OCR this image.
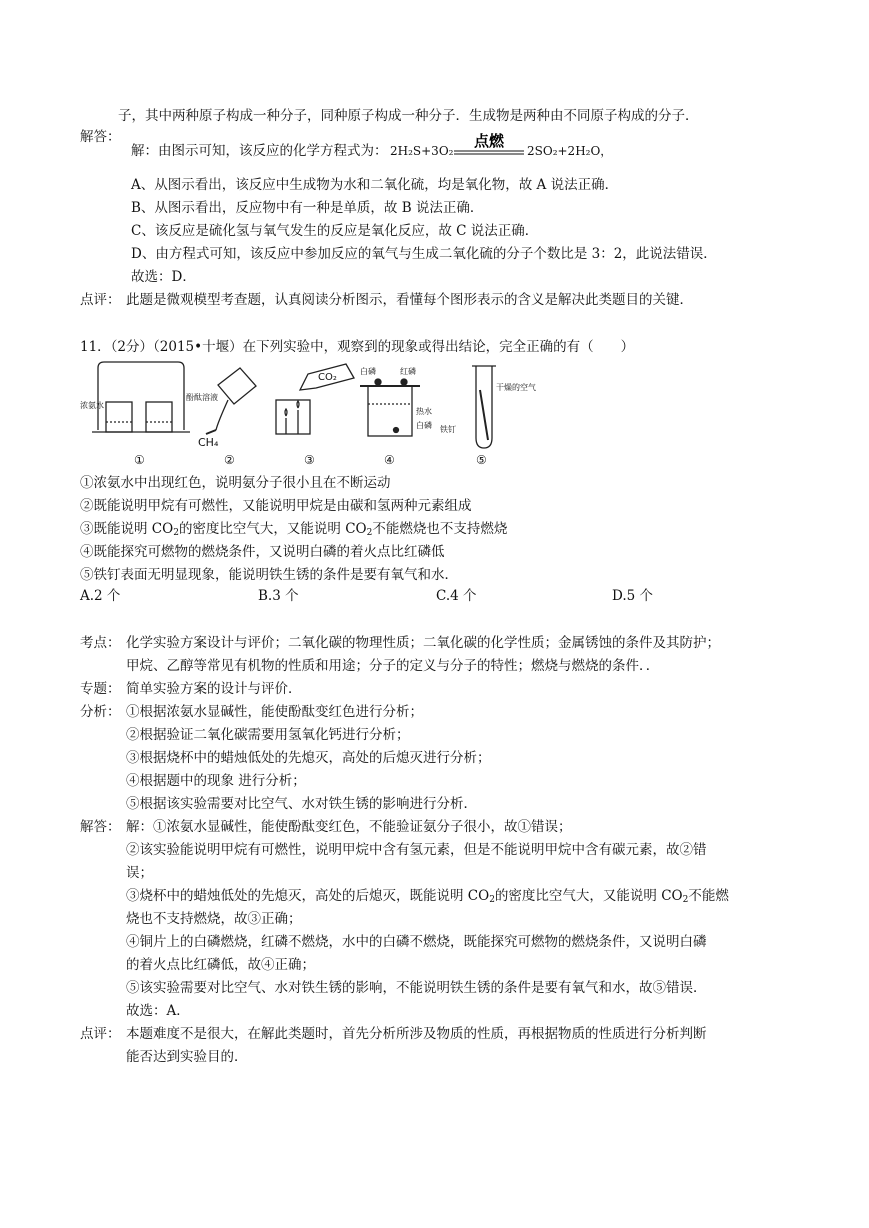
子，其中两种原子构成一种分子，同种原子构成一种分子．生成物是两种由不同原子构成的分子．
解答：
解：由图示可知，该反应的化学方程式为： 2H₂S+3O₂
点燃
2SO₂+2H₂O，
A、从图示看出，该反应中生成物为水和二氧化硫，均是氧化物，故 A 说法正确．
B、从图示看出，反应物中有一种是单质，故 B 说法正确．
C、该反应是硫化氢与氧气发生的反应是氧化反应，故 C 说法正确．
D、由方程式可知，该反应中参加反应的氧气与生成二氧化硫的分子个数比是 3：2，此说法错误．
故选：D．
点评： 此题是微观模型考查题，认真阅读分析图示，看懂每个图形表示的含义是解决此类题目的关键．
11．（2分）（2015•十堰）在下列实验中，观察到的现象或得出结论，完全正确的有（　　）
浓氨水
酚酞溶液
CH₄
CO₂
白磷	红磷
热水
白磷
干燥的空气
铁钉
①	②	③	④	⑤
①浓氨水中出现红色，说明氨分子很小且在不断运动
②既能说明甲烷有可燃性，又能说明甲烷是由碳和氢两种元素组成
③既能说明 $CO_2$的密度比空气大，又能说明 $CO_2$不能燃烧也不支持燃烧
④既能探究可燃物的燃烧条件，又说明白磷的着火点比红磷低
⑤铁钉表面无明显现象，能说明铁生锈的条件是要有氧气和水．
A.2 个	B.3 个	C.4 个	D.5 个
考点： 化学实验方案设计与评价；二氧化碳的物理性质；二氧化碳的化学性质；金属锈蚀的条件及其防护；
甲烷、乙醇等常见有机物的性质和用途；分子的定义与分子的特性；燃烧与燃烧的条件．．
专题： 简单实验方案的设计与评价．
分析： ①根据浓氨水显碱性，能使酚酞变红色进行分析；
②根据验证二氧化碳需要用氢氧化钙进行分析；
③根据烧杯中的蜡烛低处的先熄灭，高处的后熄灭进行分析；
④根据题中的现象 进行分析；
⑤根据该实验需要对比空气、水对铁生锈的影响进行分析．
解答： 解：①浓氨水显碱性，能使酚酞变红色，不能验证氨分子很小，故①错误；
②该实验能说明甲烷有可燃性，说明甲烷中含有氢元素，但是不能说明甲烷中含有碳元素，故②错
误；
③烧杯中的蜡烛低处的先熄灭，高处的后熄灭，既能说明 $CO_2$的密度比空气大，又能说明 $CO_2$不能燃
烧也不支持燃烧，故③正确；
④铜片上的白磷燃烧，红磷不燃烧，水中的白磷不燃烧，既能探究可燃物的燃烧条件，又说明白磷
的着火点比红磷低，故④正确；
⑤该实验需要对比空气、水对铁生锈的影响，不能说明铁生锈的条件是要有氧气和水，故⑤错误．
故选：A．
点评： 本题难度不是很大，在解此类题时，首先分析所涉及物质的性质，再根据物质的性质进行分析判断
能否达到实验目的．
